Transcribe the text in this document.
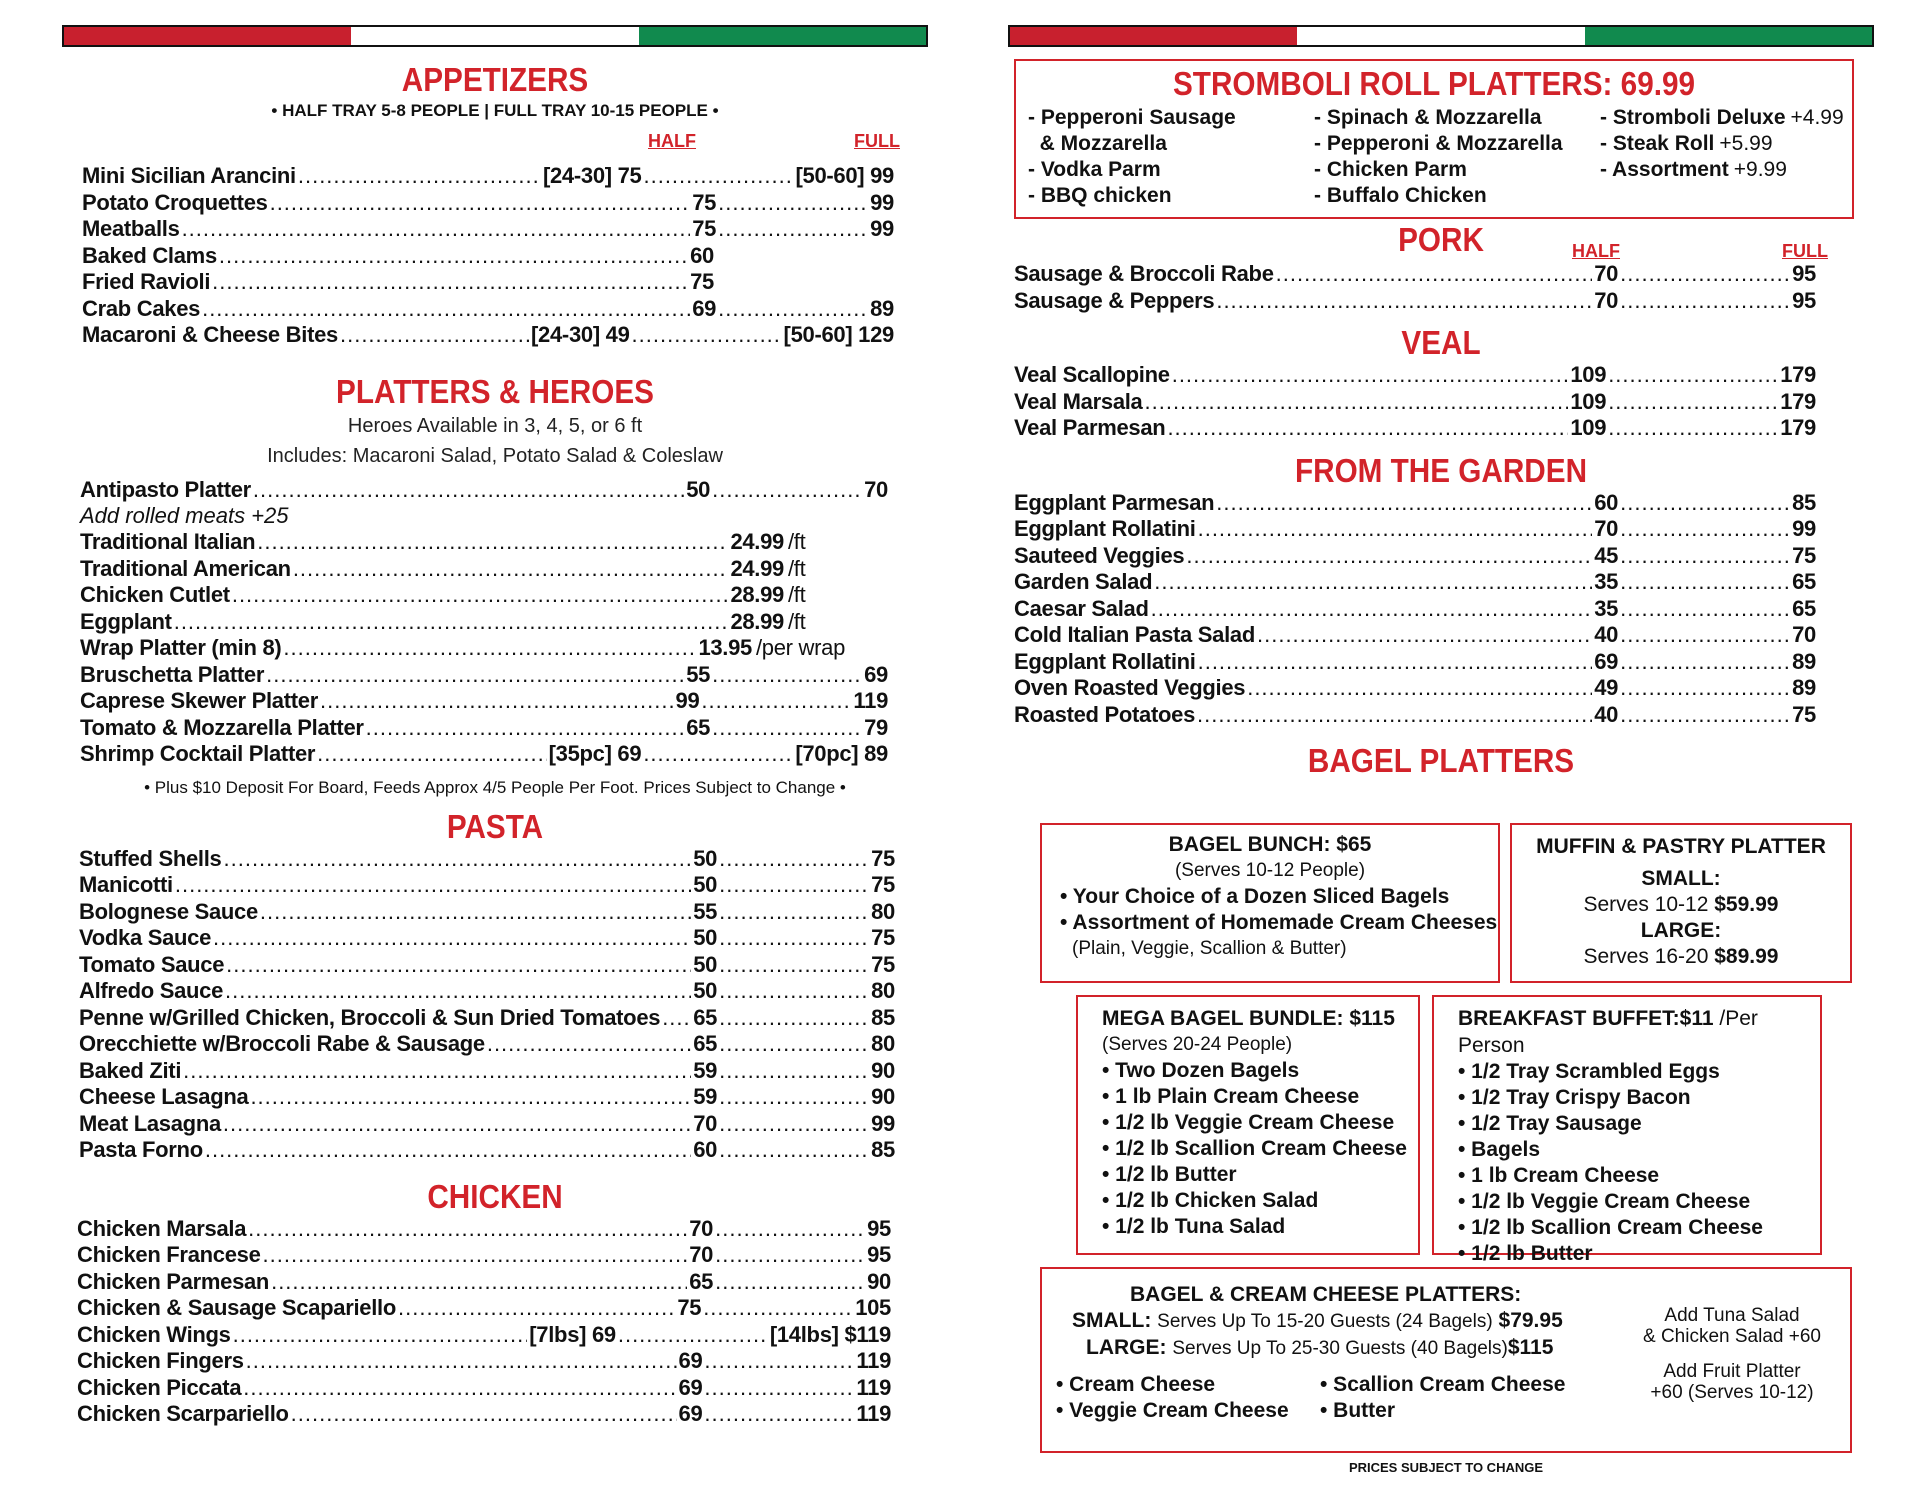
APPETIZERS
• HALF TRAY 5-8 PEOPLE | FULL TRAY 10-15 PEOPLE •
HALF	FULL
Mini Sicilian Arancini .....	[24-30] 75 .....	[50-60] 99
Potato Croquettes .....	75 .....	99
Meatballs .....	75 .....	99
Baked Clams .....	60
Fried Ravioli .....	75
Crab Cakes .....	69 .....	89
Macaroni & Cheese Bites .....	[24-30] 49 .....	[50-60] 129
PLATTERS & HEROES
Heroes Available in 3, 4, 5, or 6 ft
Includes: Macaroni Salad, Potato Salad & Coleslaw
Antipasto Platter .....	50 .....	70
Add rolled meats +25
Traditional Italian .....	24.99 /ft
Traditional American .....	24.99 /ft
Chicken Cutlet .....	28.99 /ft
Eggplant .....	28.99 /ft
Wrap Platter (min 8) .....	13.95 /per wrap
Bruschetta Platter .....	55 .....	69
Caprese Skewer Platter .....	99 .....	119
Tomato & Mozzarella Platter .....	65 .....	79
Shrimp Cocktail Platter .....	[35pc] 69 .....	[70pc] 89
• Plus $10 Deposit For Board, Feeds Approx 4/5 People Per Foot. Prices Subject to Change •
PASTA
Stuffed Shells .....	50 .....	75
Manicotti .....	50 .....	75
Bolognese Sauce .....	55 .....	80
Vodka Sauce .....	50 .....	75
Tomato Sauce .....	50 .....	75
Alfredo Sauce .....	50 .....	80
Penne w/Grilled Chicken, Broccoli & Sun Dried Tomatoes ..... 65 .....	85
Orecchiette w/Broccoli Rabe & Sausage .....	65 .....	80
Baked Ziti .....	59 .....	90
Cheese Lasagna .....	59 .....	90
Meat Lasagna .....	70 .....	99
Pasta Forno .....	60 .....	85
CHICKEN
Chicken Marsala .....	70 .....	95
Chicken Francese .....	70 .....	95
Chicken Parmesan .....	65 .....	90
Chicken & Sausage Scapariello .....	75 .....	105
Chicken Wings .....	[7lbs] 69 .....	[14lbs] $119
Chicken Fingers .....	69 .....	119
Chicken Piccata .....	69 .....	119
Chicken Scarpariello .....	69 .....	119
STROMBOLI ROLL PLATTERS: 69.99
- Pepperoni Sausage
& Mozzarella
- Vodka Parm
- BBQ chicken
- Spinach & Mozzarella
- Pepperoni & Mozzarella
- Chicken Parm
- Buffalo Chicken
- Stromboli Deluxe +4.99
- Steak Roll +5.99
- Assortment +9.99
PORK	HALF	FULL
Sausage & Broccoli Rabe .....	70 .....	95
Sausage & Peppers .....	70 .....	95
VEAL
Veal Scallopine .....	109 .....	179
Veal Marsala .....	109 .....	179
Veal Parmesan .....	109 .....	179
FROM THE GARDEN
Eggplant Parmesan .....	60 .....	85
Eggplant Rollatini .....	70 .....	99
Sauteed Veggies .....	45 .....	75
Garden Salad .....	35 .....	65
Caesar Salad .....	35 .....	65
Cold Italian Pasta Salad .....	40 .....	70
Eggplant Rollatini .....	69 .....	89
Oven Roasted Veggies .....	49 .....	89
Roasted Potatoes .....	40 .....	75
BAGEL PLATTERS
BAGEL BUNCH: $65
(Serves 10-12 People)
• Your Choice of a Dozen Sliced Bagels
• Assortment of Homemade Cream Cheeses
(Plain, Veggie, Scallion & Butter)
MUFFIN & PASTRY PLATTER
SMALL:
Serves 10-12 $59.99
LARGE:
Serves 16-20 $89.99
MEGA BAGEL BUNDLE: $115
(Serves 20-24 People)
• Two Dozen Bagels
• 1 lb Plain Cream Cheese
• 1/2 lb Veggie Cream Cheese
• 1/2 lb Scallion Cream Cheese
• 1/2 lb Butter
• 1/2 lb Chicken Salad
• 1/2 lb Tuna Salad
BREAKFAST BUFFET:$11 /Per Person
• 1/2 Tray Scrambled Eggs
• 1/2 Tray Crispy Bacon
• 1/2 Tray Sausage
• Bagels
• 1 lb Cream Cheese
• 1/2 lb Veggie Cream Cheese
• 1/2 lb Scallion Cream Cheese
• 1/2 lb Butter
BAGEL & CREAM CHEESE PLATTERS:
SMALL: Serves Up To 15-20 Guests (24 Bagels) $79.95
LARGE: Serves Up To 25-30 Guests (40 Bagels)$115
• Cream Cheese
• Veggie Cream Cheese
• Scallion Cream Cheese
• Butter
Add Tuna Salad
& Chicken Salad +60
Add Fruit Platter
+60 (Serves 10-12)
PRICES SUBJECT TO CHANGE
